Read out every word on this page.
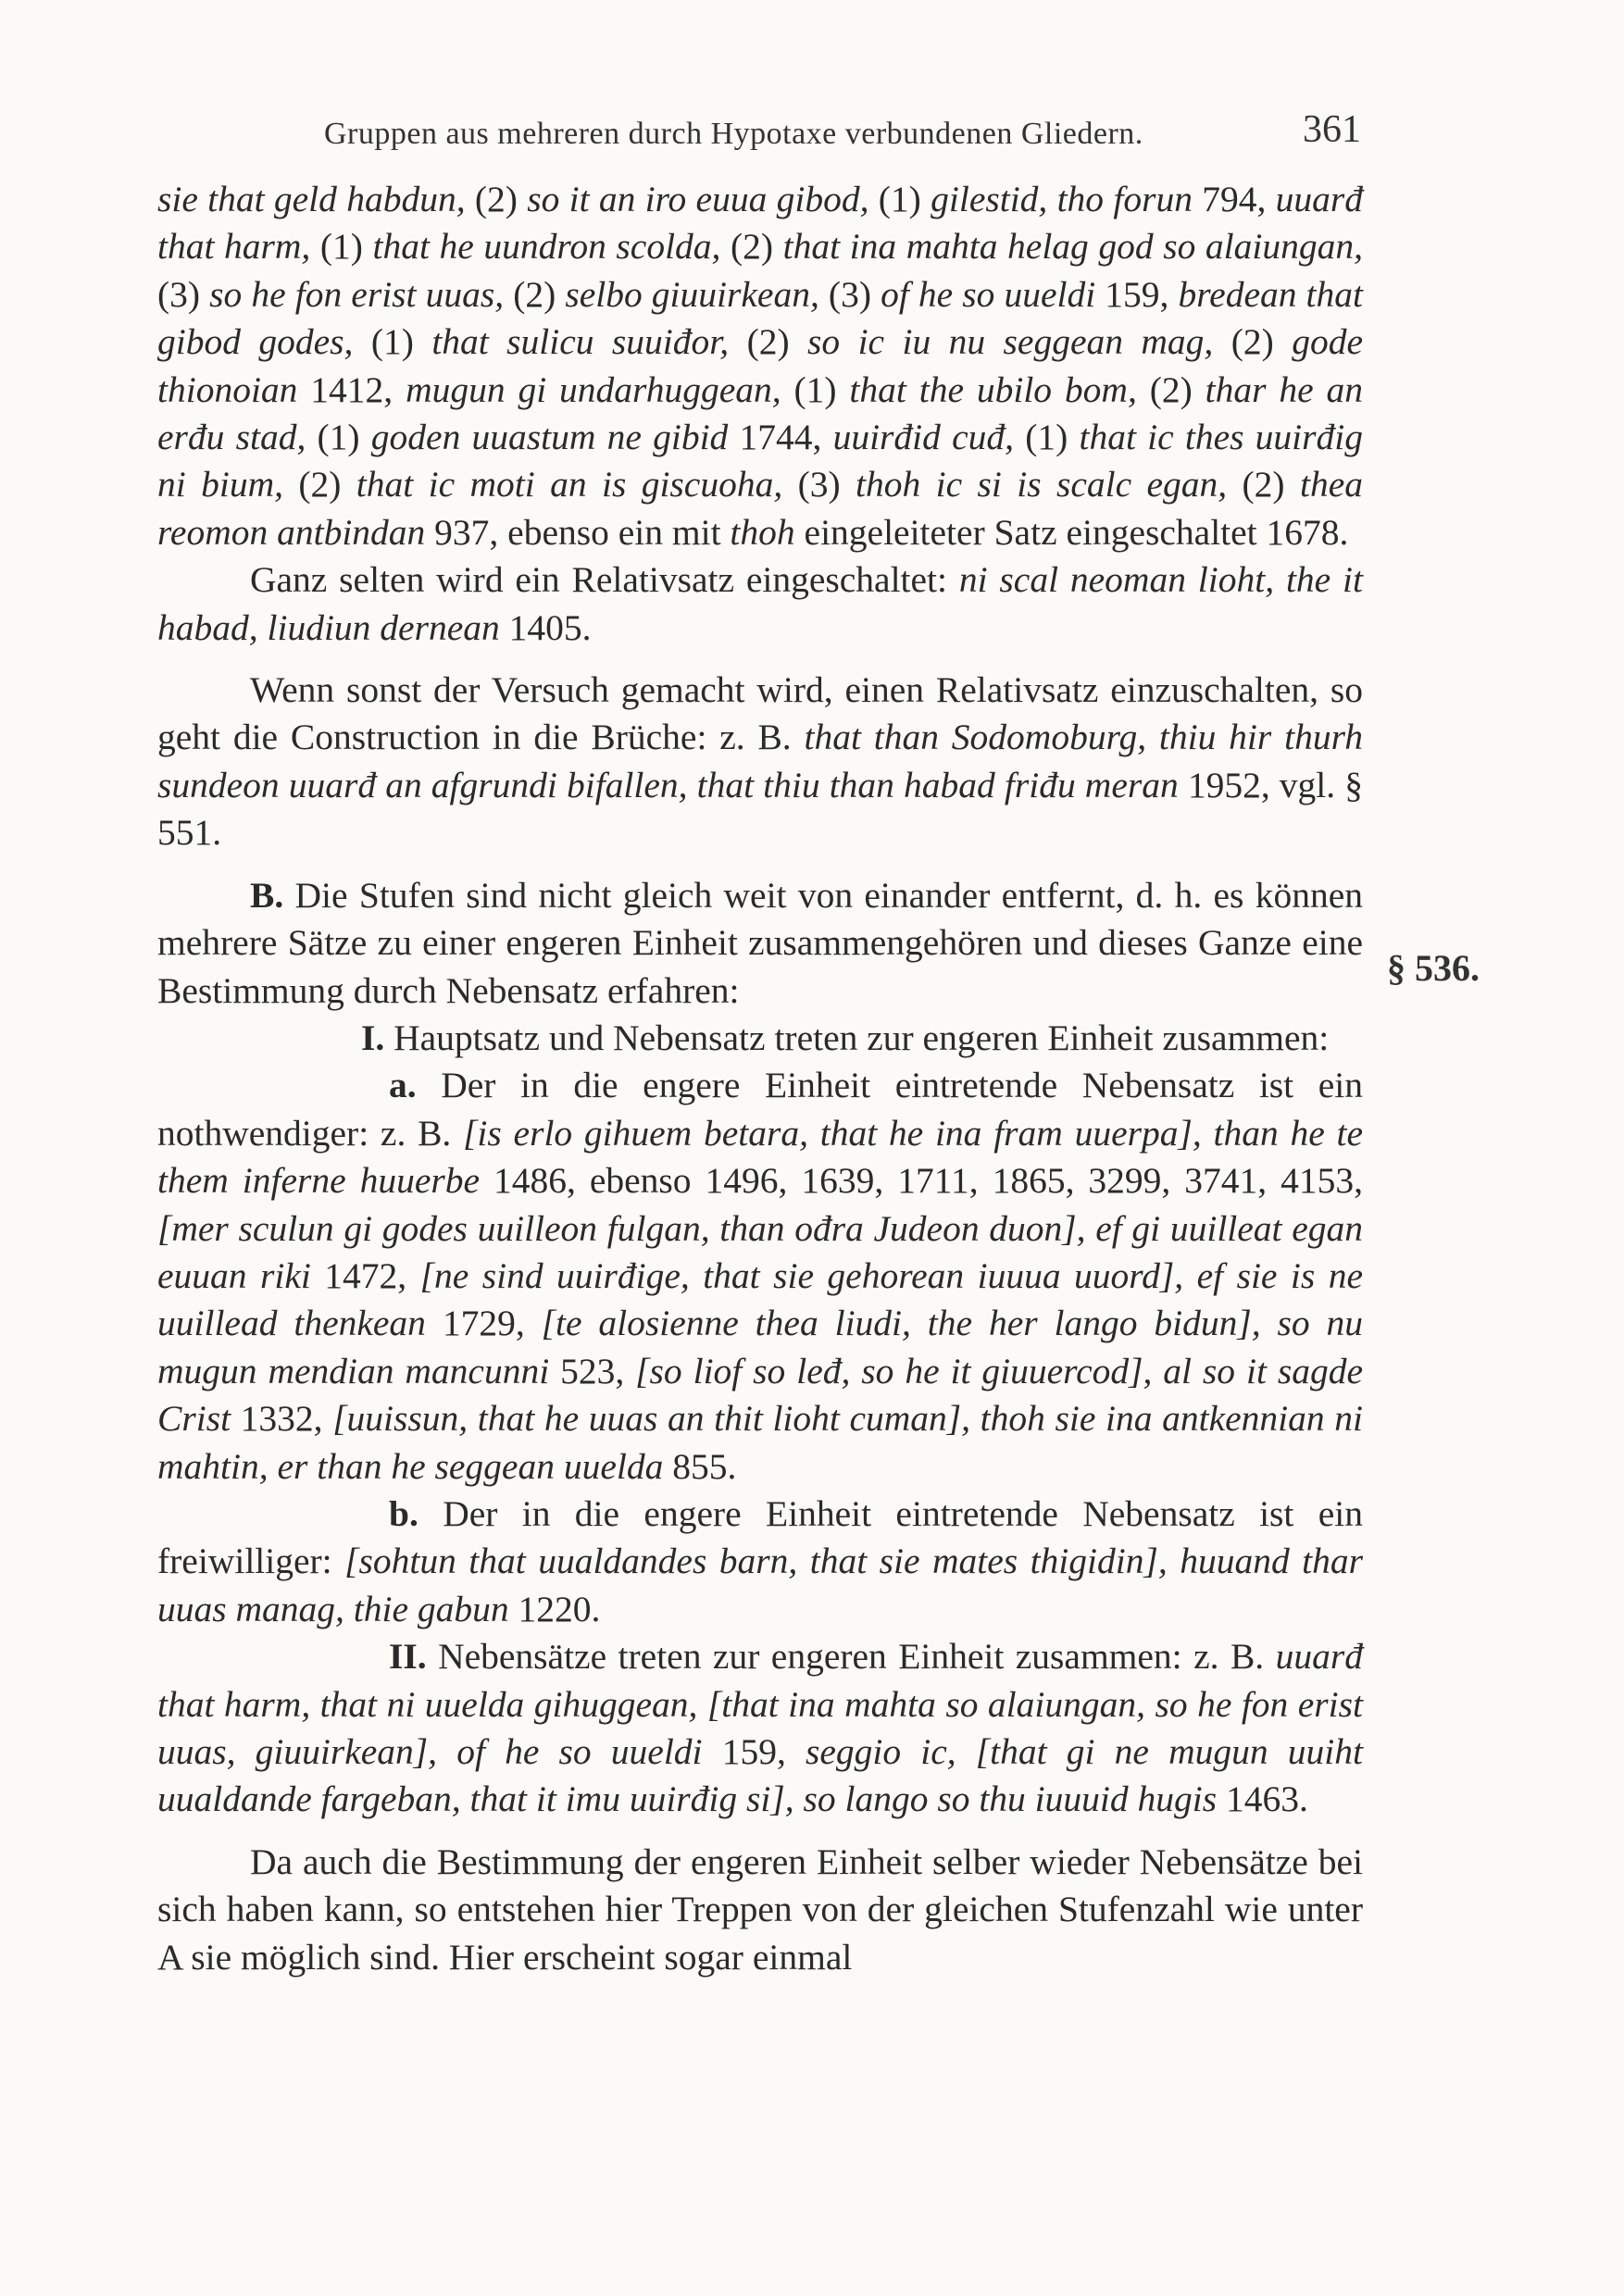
Gruppen aus mehreren durch Hypotaxe verbundenen Gliedern.	361
§ 536.

sie that geld habdun, (2) so it an iro euua gibod, (1) gilestid, tho forun 794, uuarđ that harm, (1) that he uundron scolda, (2) that ina mahta helag god so alaiungan, (3) so he fon erist uuas, (2) selbo giuuirkean, (3) of he so uueldi 159, bredean that gibod godes, (1) that sulicu suuiđor, (2) so ic iu nu seggean mag, (2) gode thionoian 1412, mugun gi undarhuggean, (1) that the ubilo bom, (2) thar he an erđu stad, (1) goden uuastum ne gibid 1744, uuirđid cuđ, (1) that ic thes uuirđig ni bium, (2) that ic moti an is giscuoha, (3) thoh ic si is scalc egan, (2) thea reomon antbindan 937, ebenso ein mit thoh eingeleiteter Satz eingeschaltet 1678.

Ganz selten wird ein Relativsatz eingeschaltet: ni scal neoman lioht, the it habad, liudiun dernean 1405.

Wenn sonst der Versuch gemacht wird, einen Relativsatz einzuschalten, so geht die Construction in die Brüche: z. B. that than Sodomoburg, thiu hir thurh sundeon uuarđ an afgrundi bifallen, that thiu than habad friđu meran 1952, vgl. § 551.

B. Die Stufen sind nicht gleich weit von einander entfernt, d. h. es können mehrere Sätze zu einer engeren Einheit zusammengehören und dieses Ganze eine Bestimmung durch Nebensatz erfahren:

I. Hauptsatz und Nebensatz treten zur engeren Einheit zusammen:

a. Der in die engere Einheit eintretende Nebensatz ist ein nothwendiger: z. B. [is erlo gihuem betara, that he ina fram uuerpa], than he te them inferne huuerbe 1486, ebenso 1496, 1639, 1711, 1865, 3299, 3741, 4153, [mer sculun gi godes uuilleon fulgan, than ođra Judeon duon], ef gi uuilleat egan euuan riki 1472, [ne sind uuirđige, that sie gehorean iuuua uuord], ef sie is ne uuillead thenkean 1729, [te alosienne thea liudi, the her lango bidun], so nu mugun mendian mancunni 523, [so liof so leđ, so he it giuuercod], al so it sagde Crist 1332, [uuissun, that he uuas an thit lioht cuman], thoh sie ina antkennian ni mahtin, er than he seggean uuelda 855.

b. Der in die engere Einheit eintretende Nebensatz ist ein freiwilliger: [sohtun that uualdandes barn, that sie mates thigidin], huuand thar uuas manag, thie gabun 1220.

II. Nebensätze treten zur engeren Einheit zusammen: z. B. uuarđ that harm, that ni uuelda gihuggean, [that ina mahta so alaiungan, so he fon erist uuas, giuuirkean], of he so uueldi 159, seggio ic, [that gi ne mugun uuiht uualdande fargeban, that it imu uuirđig si], so lango so thu iuuuid hugis 1463.

Da auch die Bestimmung der engeren Einheit selber wieder Nebensätze bei sich haben kann, so entstehen hier Treppen von der gleichen Stufenzahl wie unter A sie möglich sind. Hier erscheint sogar einmal
